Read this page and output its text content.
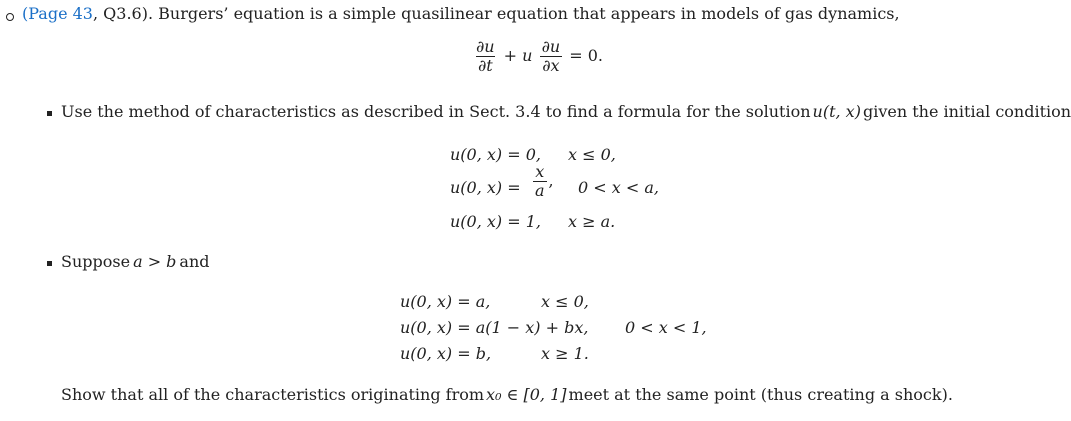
(Page 43 , Q3.6). Burgers’ equation is a simple quasilinear equation that appears in models of gas dynamics,
$\frac{\partial u}{\partial t} + u \frac{\partial u}{\partial x} = 0$.
Use the method of characteristics as described in Sect. 3.4 to find a formula for the solution u(t, x) given the initial condition
u(0, x) = 0, x ≤ 0,
u(0, $x) = \frac{x}{a}$ , 0 < x < a,
u(0, x) = 1, x ≥ a.
Suppose a > b and
u(0, x) = a,	x ≤ 0,
u(0, x) = a(1 − x) + bx, 0 < x < 1,
u(0, x) = b,	x ≥ 1.
Show that all of the characteristics originating from x₀ ∈ [0, 1] meet at the same point (thus creating a shock).
